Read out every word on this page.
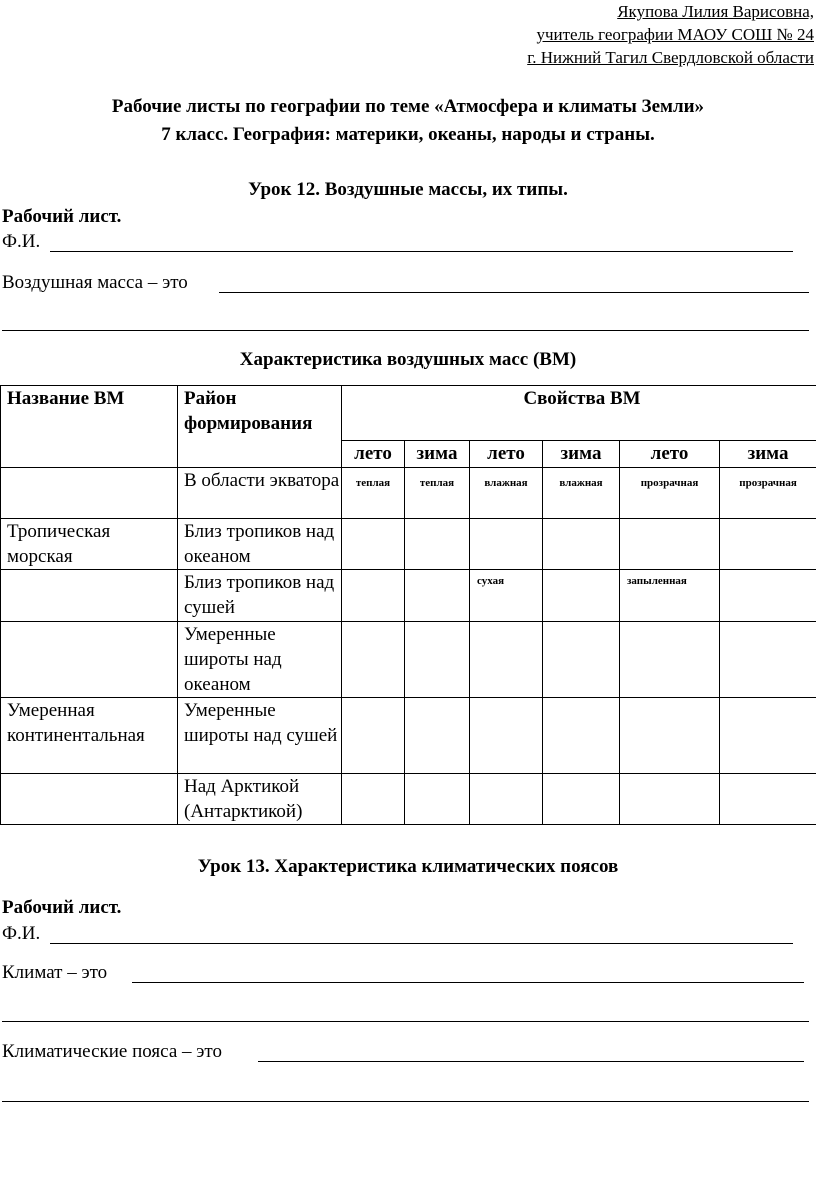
Якупова Лилия Варисовна,
учитель географии МАОУ СОШ № 24
г. Нижний Тагил Свердловской области
Рабочие листы по географии по теме «Атмосфера и климаты Земли»
7 класс. География: материки, океаны, народы и страны.
Урок 12. Воздушные массы, их типы.
Рабочий лист.
Ф.И.
Воздушная масса – это
Характеристика воздушных масс (ВМ)
Название ВМ	Район формирования	Свойства ВМ					
		лето	зима	лето	зима	лето	зима
	В области экватора	теплая	теплая	влажная	влажная	прозрачная	прозрачная
Тропическая морская	Близ тропиков над океаном						
	Близ тропиков над сушей			сухая		запыленная	
	Умеренные широты над океаном						
Умеренная континентальная	Умеренные широты над сушей						
	Над Арктикой (Антарктикой)						
Урок 13. Характеристика климатических поясов
Рабочий лист.
Ф.И.
Климат – это
Климатические пояса – это
